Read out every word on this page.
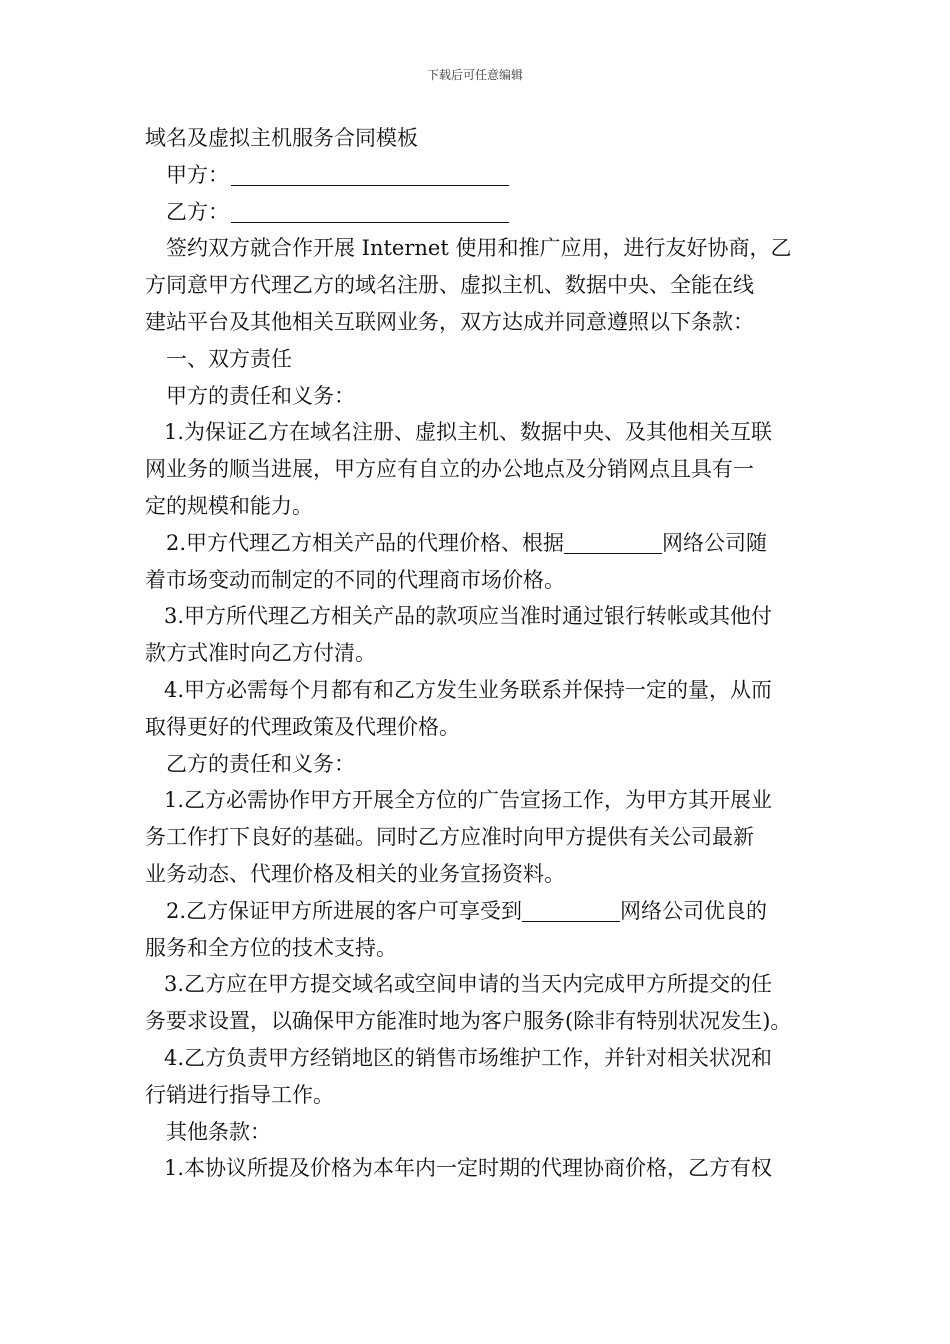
下载后可任意编辑

域名及虚拟主机服务合同模板

甲方：

乙方：

签约双方就合作开展 Internet 使用和推广应用，进行友好协商，乙

方同意甲方代理乙方的域名注册、虚拟主机、数据中央、全能在线

建站平台及其他相关互联网业务，双方达成并同意遵照以下条款：

一、双方责任

甲方的责任和义务：

1.为保证乙方在域名注册、虚拟主机、数据中央、及其他相关互联

网业务的顺当进展，甲方应有自立的办公地点及分销网点且具有一

定的规模和能力。

2.甲方代理乙方相关产品的代理价格、根据	网络公司随

着市场变动而制定的不同的代理商市场价格。

3.甲方所代理乙方相关产品的款项应当准时通过银行转帐或其他付

款方式准时向乙方付清。

4.甲方必需每个月都有和乙方发生业务联系并保持一定的量，从而

取得更好的代理政策及代理价格。

乙方的责任和义务：

1.乙方必需协作甲方开展全方位的广告宣扬工作，为甲方其开展业

务工作打下良好的基础。同时乙方应准时向甲方提供有关公司最新

业务动态、代理价格及相关的业务宣扬资料。

2.乙方保证甲方所进展的客户可享受到	网络公司优良的

服务和全方位的技术支持。

3.乙方应在甲方提交域名或空间申请的当天内完成甲方所提交的任

务要求设置，以确保甲方能准时地为客户服务(除非有特别状况发生)。

4.乙方负责甲方经销地区的销售市场维护工作，并针对相关状况和

行销进行指导工作。

其他条款：

1.本协议所提及价格为本年内一定时期的代理协商价格，乙方有权
